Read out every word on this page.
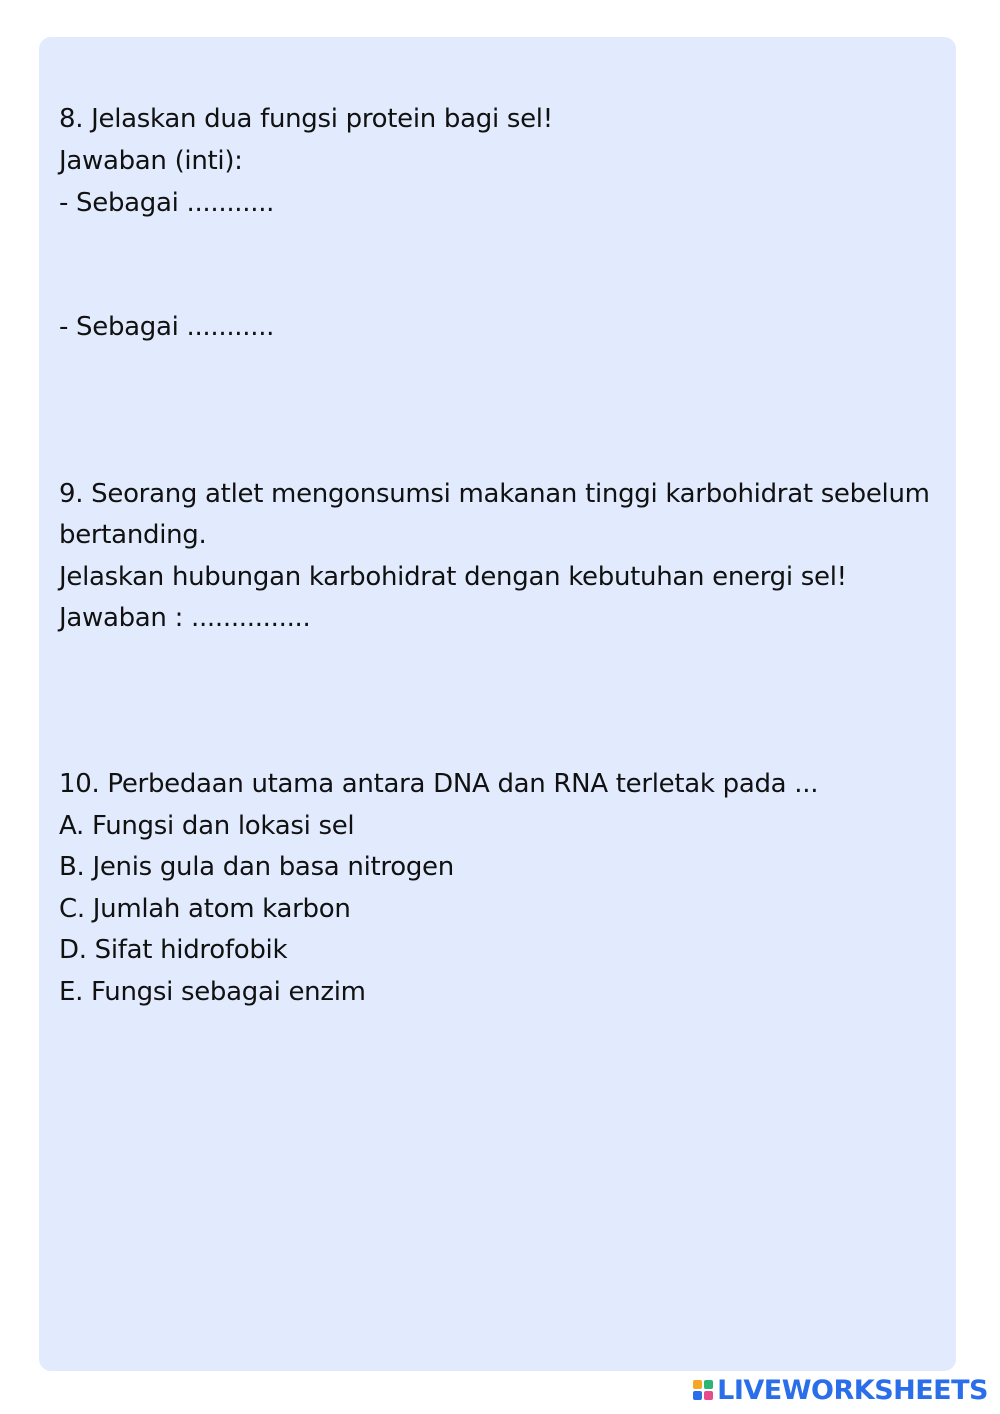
8. Jelaskan dua fungsi protein bagi sel!
Jawaban (inti):
- Sebagai ...........
- Sebagai ...........
9. Seorang atlet mengonsumsi makanan tinggi karbohidrat sebelum
bertanding.
Jelaskan hubungan karbohidrat dengan kebutuhan energi sel!
Jawaban : ...............
10. Perbedaan utama antara DNA dan RNA terletak pada ...
A. Fungsi dan lokasi sel
B. Jenis gula dan basa nitrogen
C. Jumlah atom karbon
D. Sifat hidrofobik
E. Fungsi sebagai enzim
LIVEWORKSHEETS
